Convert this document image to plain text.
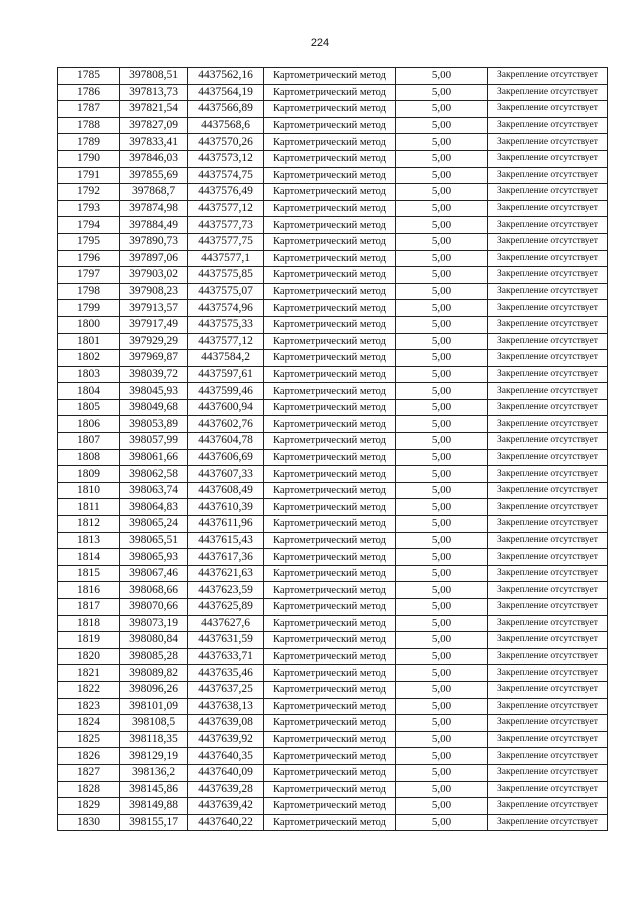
224
1785	397808,51	4437562,16	Картометрический метод	5,00	Закрепление отсутствует
1786	397813,73	4437564,19	Картометрический метод	5,00	Закрепление отсутствует
1787	397821,54	4437566,89	Картометрический метод	5,00	Закрепление отсутствует
1788	397827,09	4437568,6	Картометрический метод	5,00	Закрепление отсутствует
1789	397833,41	4437570,26	Картометрический метод	5,00	Закрепление отсутствует
1790	397846,03	4437573,12	Картометрический метод	5,00	Закрепление отсутствует
1791	397855,69	4437574,75	Картометрический метод	5,00	Закрепление отсутствует
1792	397868,7	4437576,49	Картометрический метод	5,00	Закрепление отсутствует
1793	397874,98	4437577,12	Картометрический метод	5,00	Закрепление отсутствует
1794	397884,49	4437577,73	Картометрический метод	5,00	Закрепление отсутствует
1795	397890,73	4437577,75	Картометрический метод	5,00	Закрепление отсутствует
1796	397897,06	4437577,1	Картометрический метод	5,00	Закрепление отсутствует
1797	397903,02	4437575,85	Картометрический метод	5,00	Закрепление отсутствует
1798	397908,23	4437575,07	Картометрический метод	5,00	Закрепление отсутствует
1799	397913,57	4437574,96	Картометрический метод	5,00	Закрепление отсутствует
1800	397917,49	4437575,33	Картометрический метод	5,00	Закрепление отсутствует
1801	397929,29	4437577,12	Картометрический метод	5,00	Закрепление отсутствует
1802	397969,87	4437584,2	Картометрический метод	5,00	Закрепление отсутствует
1803	398039,72	4437597,61	Картометрический метод	5,00	Закрепление отсутствует
1804	398045,93	4437599,46	Картометрический метод	5,00	Закрепление отсутствует
1805	398049,68	4437600,94	Картометрический метод	5,00	Закрепление отсутствует
1806	398053,89	4437602,76	Картометрический метод	5,00	Закрепление отсутствует
1807	398057,99	4437604,78	Картометрический метод	5,00	Закрепление отсутствует
1808	398061,66	4437606,69	Картометрический метод	5,00	Закрепление отсутствует
1809	398062,58	4437607,33	Картометрический метод	5,00	Закрепление отсутствует
1810	398063,74	4437608,49	Картометрический метод	5,00	Закрепление отсутствует
1811	398064,83	4437610,39	Картометрический метод	5,00	Закрепление отсутствует
1812	398065,24	4437611,96	Картометрический метод	5,00	Закрепление отсутствует
1813	398065,51	4437615,43	Картометрический метод	5,00	Закрепление отсутствует
1814	398065,93	4437617,36	Картометрический метод	5,00	Закрепление отсутствует
1815	398067,46	4437621,63	Картометрический метод	5,00	Закрепление отсутствует
1816	398068,66	4437623,59	Картометрический метод	5,00	Закрепление отсутствует
1817	398070,66	4437625,89	Картометрический метод	5,00	Закрепление отсутствует
1818	398073,19	4437627,6	Картометрический метод	5,00	Закрепление отсутствует
1819	398080,84	4437631,59	Картометрический метод	5,00	Закрепление отсутствует
1820	398085,28	4437633,71	Картометрический метод	5,00	Закрепление отсутствует
1821	398089,82	4437635,46	Картометрический метод	5,00	Закрепление отсутствует
1822	398096,26	4437637,25	Картометрический метод	5,00	Закрепление отсутствует
1823	398101,09	4437638,13	Картометрический метод	5,00	Закрепление отсутствует
1824	398108,5	4437639,08	Картометрический метод	5,00	Закрепление отсутствует
1825	398118,35	4437639,92	Картометрический метод	5,00	Закрепление отсутствует
1826	398129,19	4437640,35	Картометрический метод	5,00	Закрепление отсутствует
1827	398136,2	4437640,09	Картометрический метод	5,00	Закрепление отсутствует
1828	398145,86	4437639,28	Картометрический метод	5,00	Закрепление отсутствует
1829	398149,88	4437639,42	Картометрический метод	5,00	Закрепление отсутствует
1830	398155,17	4437640,22	Картометрический метод	5,00	Закрепление отсутствует
